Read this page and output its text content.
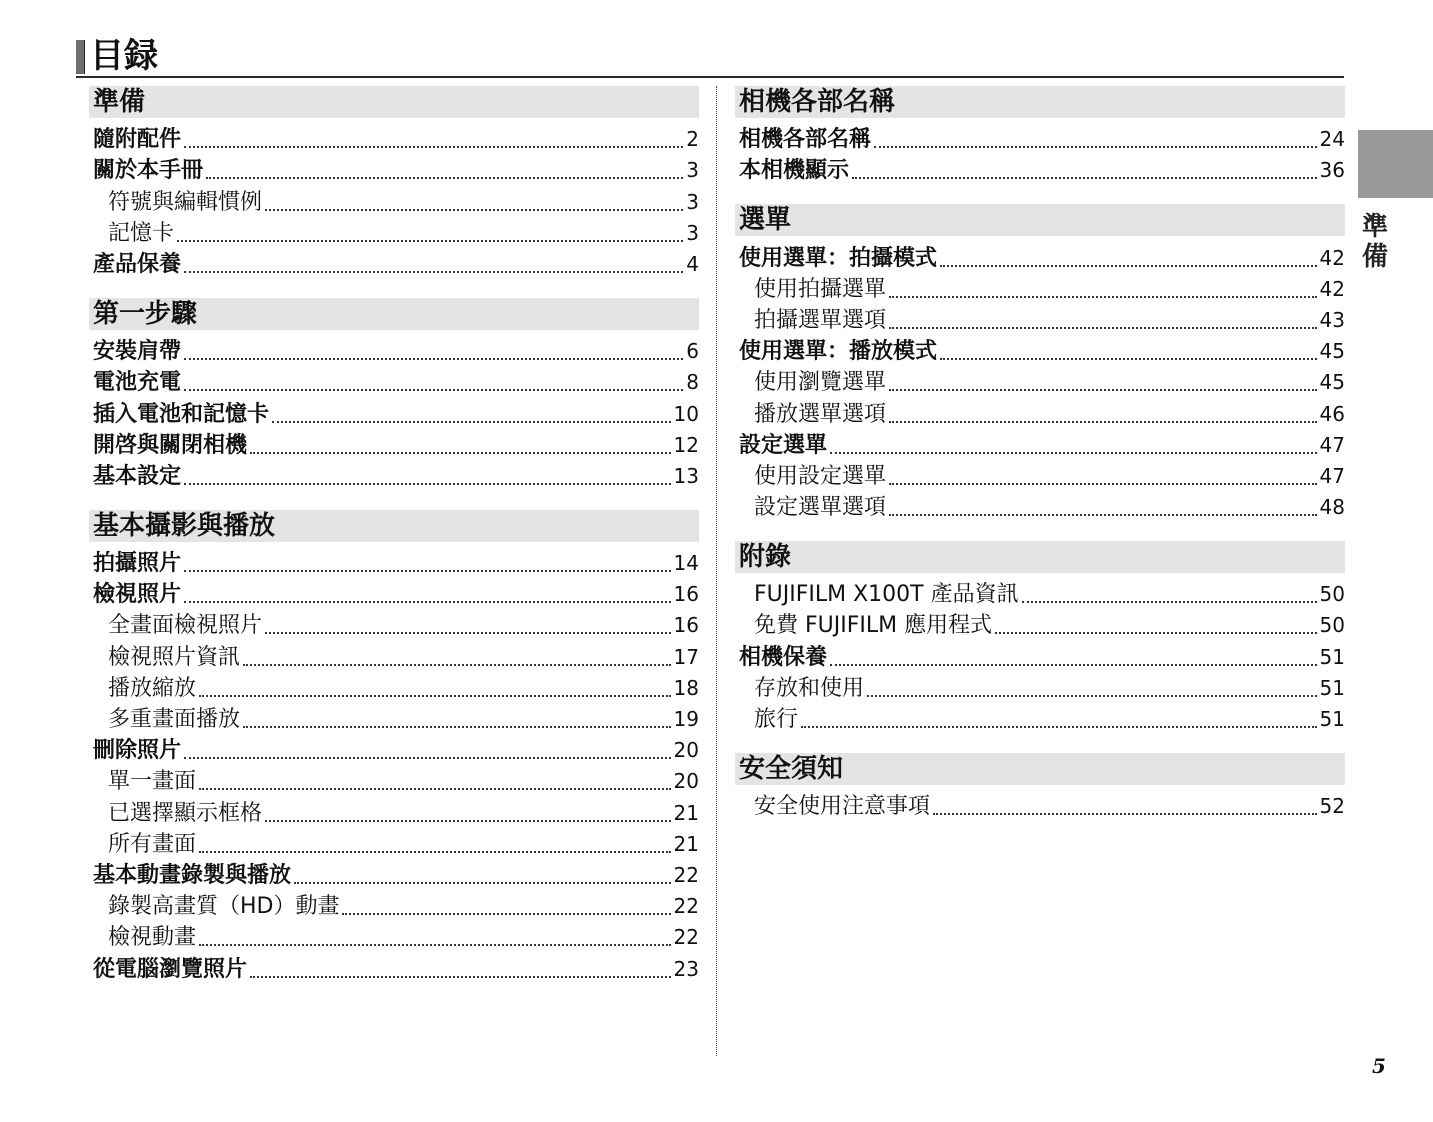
目録
準備
隨附配件	2
關於本手冊	3
符號與編輯慣例	3
記憶卡	3
產品保養	4
第一步驟
安裝肩帶	6
電池充電	8
插入電池和記憶卡	10
開啓與關閉相機	12
基本設定	13
基本攝影與播放
拍攝照片	14
檢視照片	16
全畫面檢視照片	16
檢視照片資訊	17
播放縮放	18
多重畫面播放	19
刪除照片	20
單一畫面	20
已選擇顯示框格	21
所有畫面	21
基本動畫錄製與播放	22
錄製高畫質（HD）動畫	22
檢視動畫	22
從電腦瀏覽照片	23
相機各部名稱
相機各部名稱	24
本相機顯示	36
選單
使用選單：拍攝模式	42
使用拍攝選單	42
拍攝選單選項	43
使用選單：播放模式	45
使用瀏覽選單	45
播放選單選項	46
設定選單	47
使用設定選單	47
設定選單選項	48
附錄
FUJIFILM X100T 產品資訊	50
免費 FUJIFILM 應用程式	50
相機保養	51
存放和使用	51
旅行	51
安全須知
安全使用注意事項	52
準備
5
